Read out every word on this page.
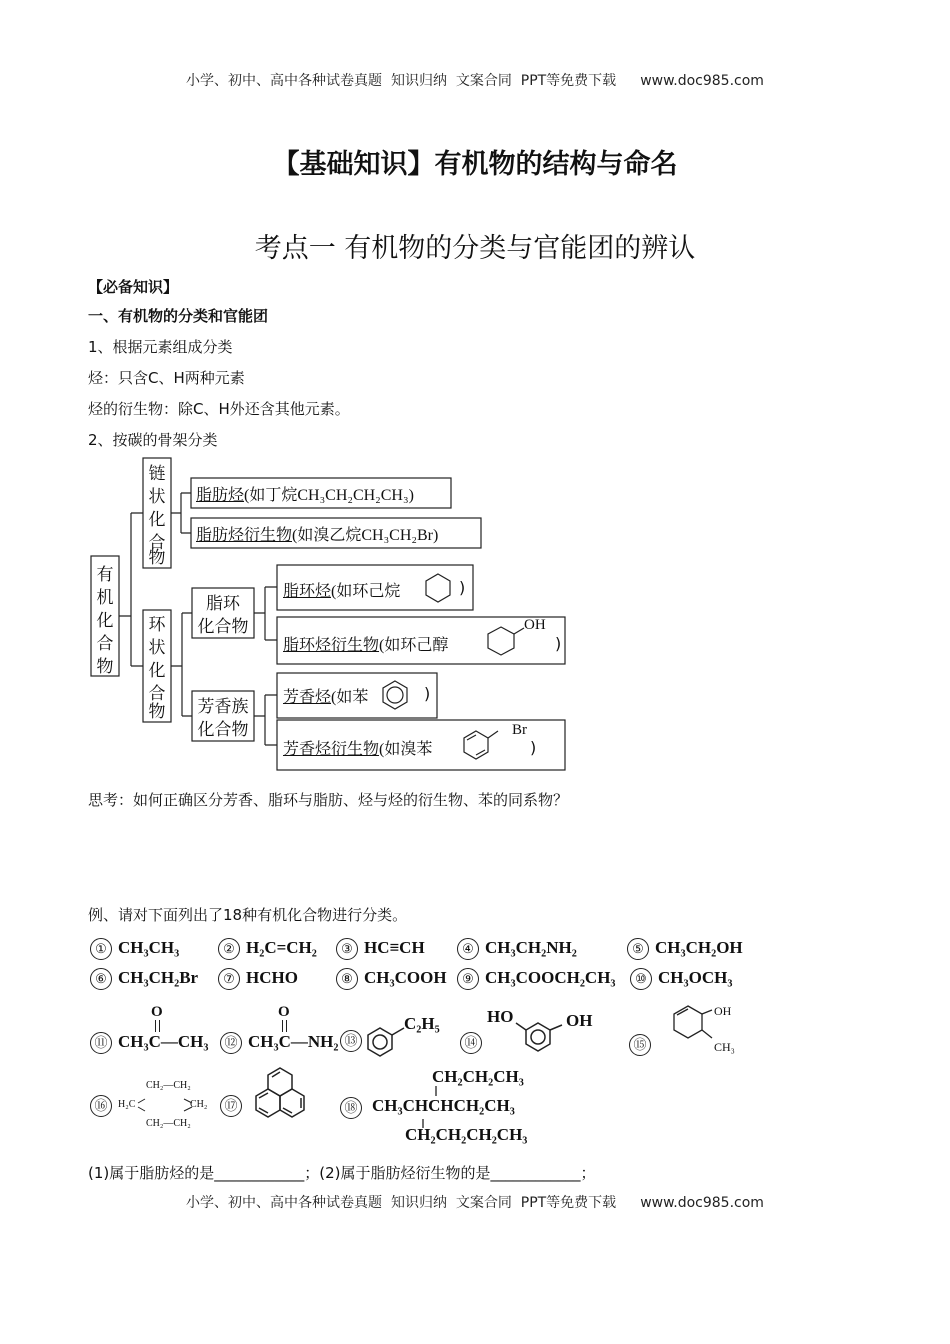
小学、初中、高中各种试卷真题  知识归纳  文案合同  PPT等免费下载 www.doc985.com
【基础知识】有机物的结构与命名
考点一 有机物的分类与官能团的辨认
【必备知识】
一、有机物的分类和官能团
1、根据元素组成分类
烃：只含C、H两种元素
烃的衍生物：除C、H外还含其他元素。
2、按碳的骨架分类
有
机
化
合
物
链
状
化
合
物
环
状
化
合
物
脂环
化合物
芳香族
化合物
脂肪烃(如丁烷CH₃CH₂CH₂CH₃)
脂肪烃衍生物(如溴乙烷CH₃CH₂Br)
脂环烃(如环己烷	)
脂环烃衍生物(如环己醇
OH
)
芳香烃(如苯	)
芳香烃衍生物(如溴苯
Br
)
思考：如何正确区分芳香、脂环与脂肪、烃与烃的衍生物、苯的同系物？
例、请对下面列出了18种有机化合物进行分类。
① CH₃CH₃	② H₂C=CH₂	③ HC≡CH	④ CH₃CH₂NH₂	⑤ CH₃CH₂OH
⑥ CH₃CH₂Br	⑦ HCHO	⑧ CH₃COOH	⑨ CH₃COOCH₂CH₃	⑩ CH₃OCH₃
⑪ CH₃C—CH₃
O
⑫ CH₃C—NH₂
O
⑬
C₂H₅
⑭
HO	OH
⑮
OH
CH₃
⑯
CH₂—CH₂
H₂C	CH₂
CH₂—CH₂
⑰	⑱
CH₂CH₂CH₃
CH₃CHCHCH₂CH₃
CH₂CH₂CH₂CH₃
(1)属于脂肪烃的是____________；(2)属于脂肪烃衍生物的是____________；
小学、初中、高中各种试卷真题  知识归纳  文案合同  PPT等免费下载 www.doc985.com
